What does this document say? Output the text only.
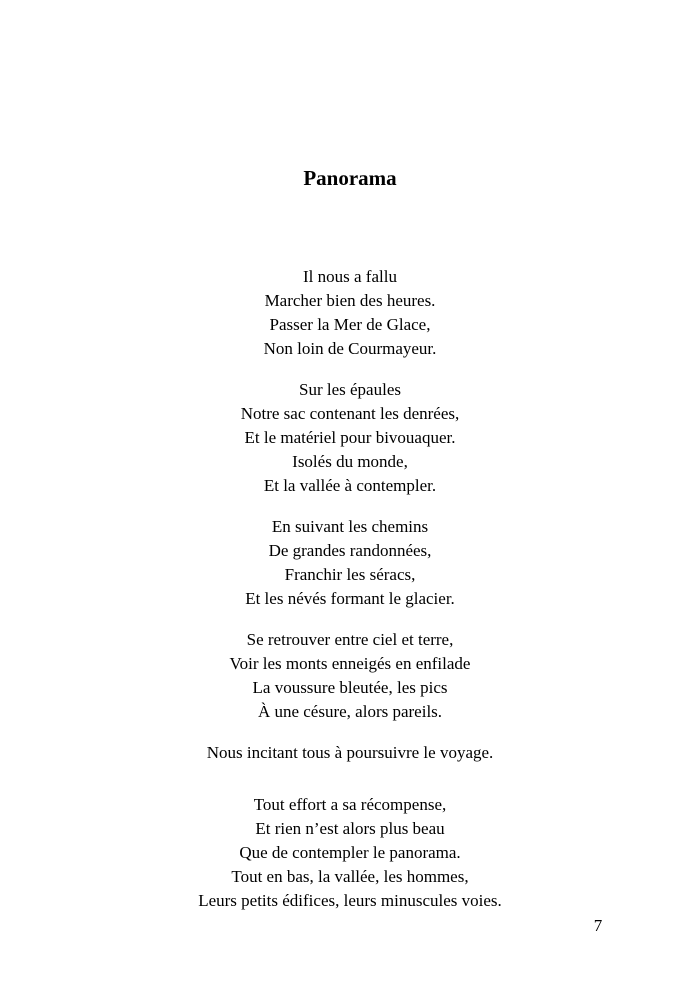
Panorama
Il nous a fallu
Marcher bien des heures.
Passer la Mer de Glace,
Non loin de Courmayeur.
Sur les épaules
Notre sac contenant les denrées,
Et le matériel pour bivouaquer.
Isolés du monde,
Et la vallée à contempler.
En suivant les chemins
De grandes randonnées,
Franchir les séracs,
Et les névés formant le glacier.
Se retrouver entre ciel et terre,
Voir les monts enneigés en enfilade
La voussure bleutée, les pics
À une césure, alors pareils.
Nous incitant tous à poursuivre le voyage.
Tout effort a sa récompense,
Et rien n’est alors plus beau
Que de contempler le panorama.
Tout en bas, la vallée, les hommes,
Leurs petits édifices, leurs minuscules voies.
7
